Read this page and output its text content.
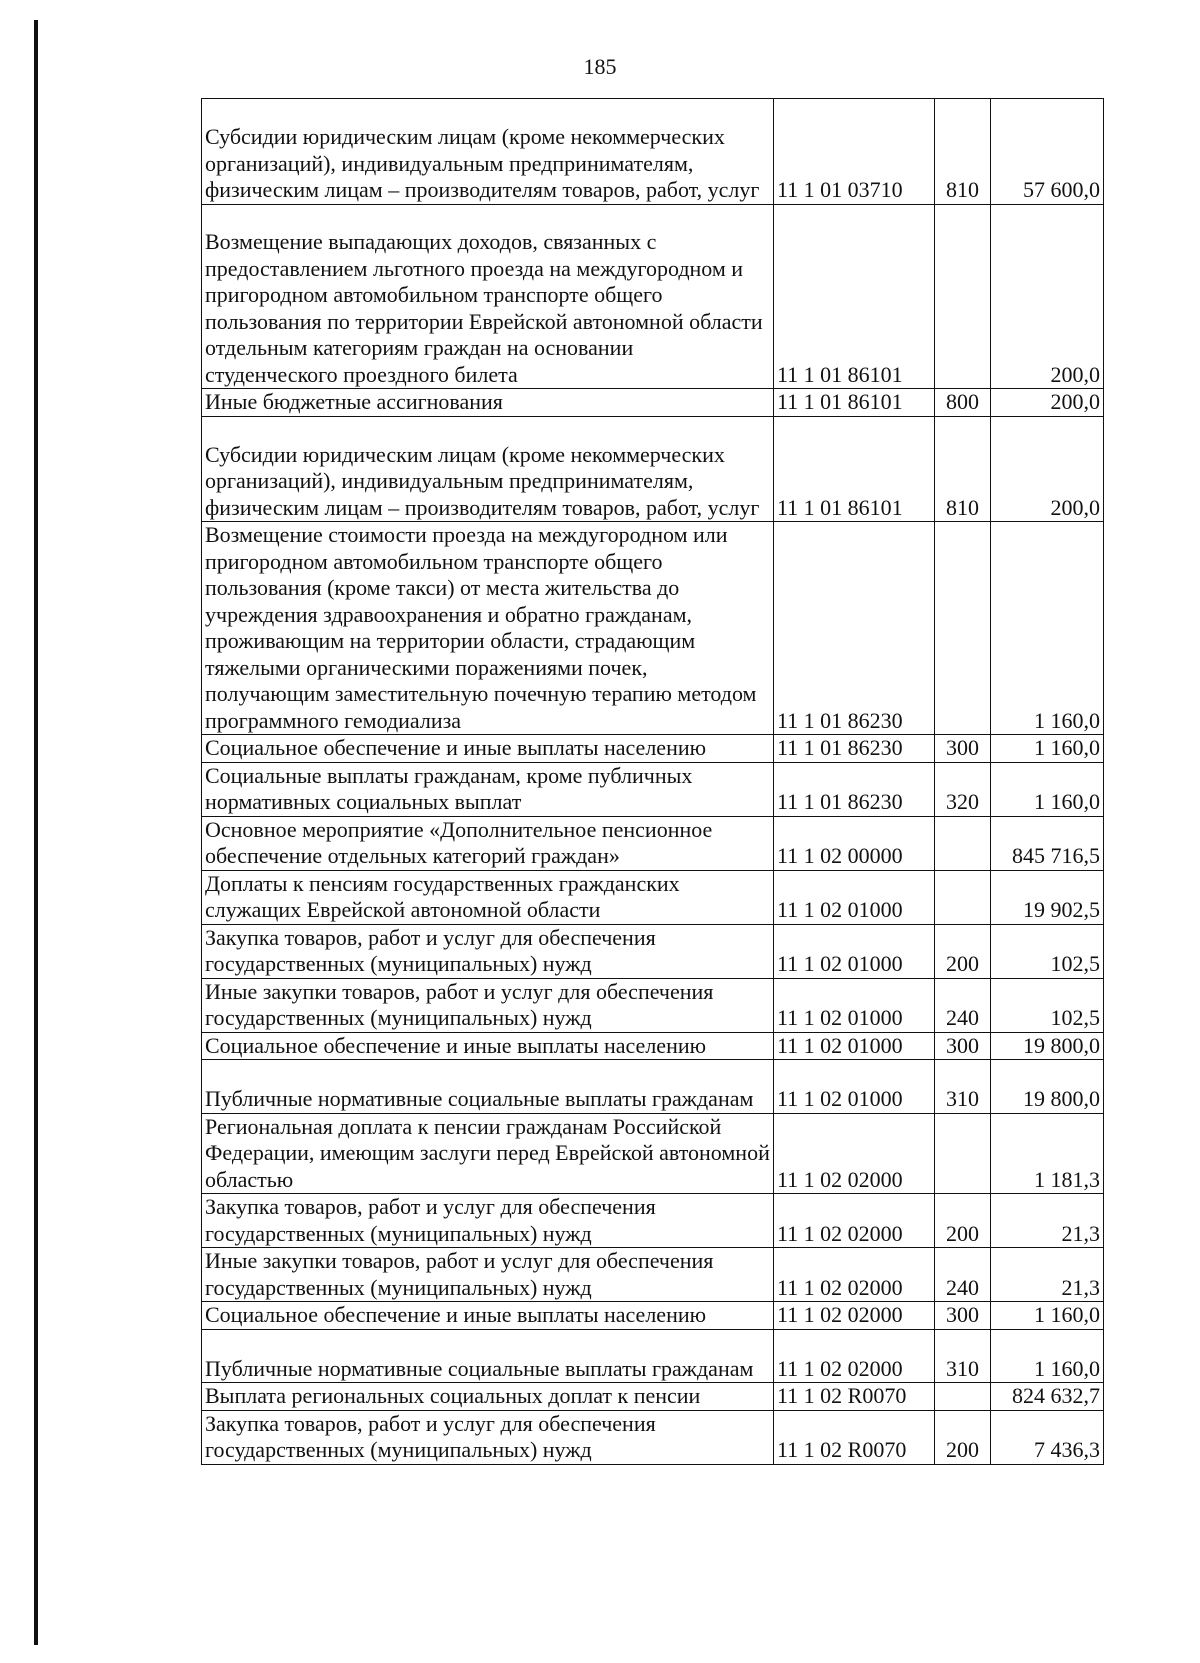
185
Субсидии юридическим лицам (кроме некоммерческих организаций), индивидуальным предпринимателям, физическим лицам – производителям товаров, работ, услуг	11 1 01 03710	810	57 600,0
Возмещение выпадающих доходов, связанных с предоставлением льготного проезда на междугородном и пригородном автомобильном транспорте общего пользования по территории Еврейской автономной области отдельным категориям граждан на основании студенческого проездного билета	11 1 01 86101		200,0
Иные бюджетные ассигнования	11 1 01 86101	800	200,0
Субсидии юридическим лицам (кроме некоммерческих организаций), индивидуальным предпринимателям, физическим лицам – производителям товаров, работ, услуг	11 1 01 86101	810	200,0
Возмещение стоимости проезда на междугородном или пригородном автомобильном транспорте общего пользования (кроме такси) от места жительства до учреждения здравоохранения и обратно гражданам, проживающим на территории области, страдающим тяжелыми органическими поражениями почек, получающим заместительную почечную терапию методом программного гемодиализа	11 1 01 86230		1 160,0
Социальное обеспечение и иные выплаты населению	11 1 01 86230	300	1 160,0
Социальные выплаты гражданам, кроме публичных нормативных социальных выплат	11 1 01 86230	320	1 160,0
Основное мероприятие «Дополнительное пенсионное обеспечение отдельных категорий граждан»	11 1 02 00000		845 716,5
Доплаты к пенсиям государственных гражданских служащих Еврейской автономной области	11 1 02 01000		19 902,5
Закупка товаров, работ и услуг для обеспечения государственных (муниципальных) нужд	11 1 02 01000	200	102,5
Иные закупки товаров, работ и услуг для обеспечения государственных (муниципальных) нужд	11 1 02 01000	240	102,5
Социальное обеспечение и иные выплаты населению	11 1 02 01000	300	19 800,0
Публичные нормативные социальные выплаты гражданам	11 1 02 01000	310	19 800,0
Региональная доплата к пенсии гражданам Российской Федерации, имеющим заслуги перед Еврейской автономной областью	11 1 02 02000		1 181,3
Закупка товаров, работ и услуг для обеспечения государственных (муниципальных) нужд	11 1 02 02000	200	21,3
Иные закупки товаров, работ и услуг для обеспечения государственных (муниципальных) нужд	11 1 02 02000	240	21,3
Социальное обеспечение и иные выплаты населению	11 1 02 02000	300	1 160,0
Публичные нормативные социальные выплаты гражданам	11 1 02 02000	310	1 160,0
Выплата региональных социальных доплат к пенсии	11 1 02 R0070		824 632,7
Закупка товаров, работ и услуг для обеспечения государственных (муниципальных) нужд	11 1 02 R0070	200	7 436,3
